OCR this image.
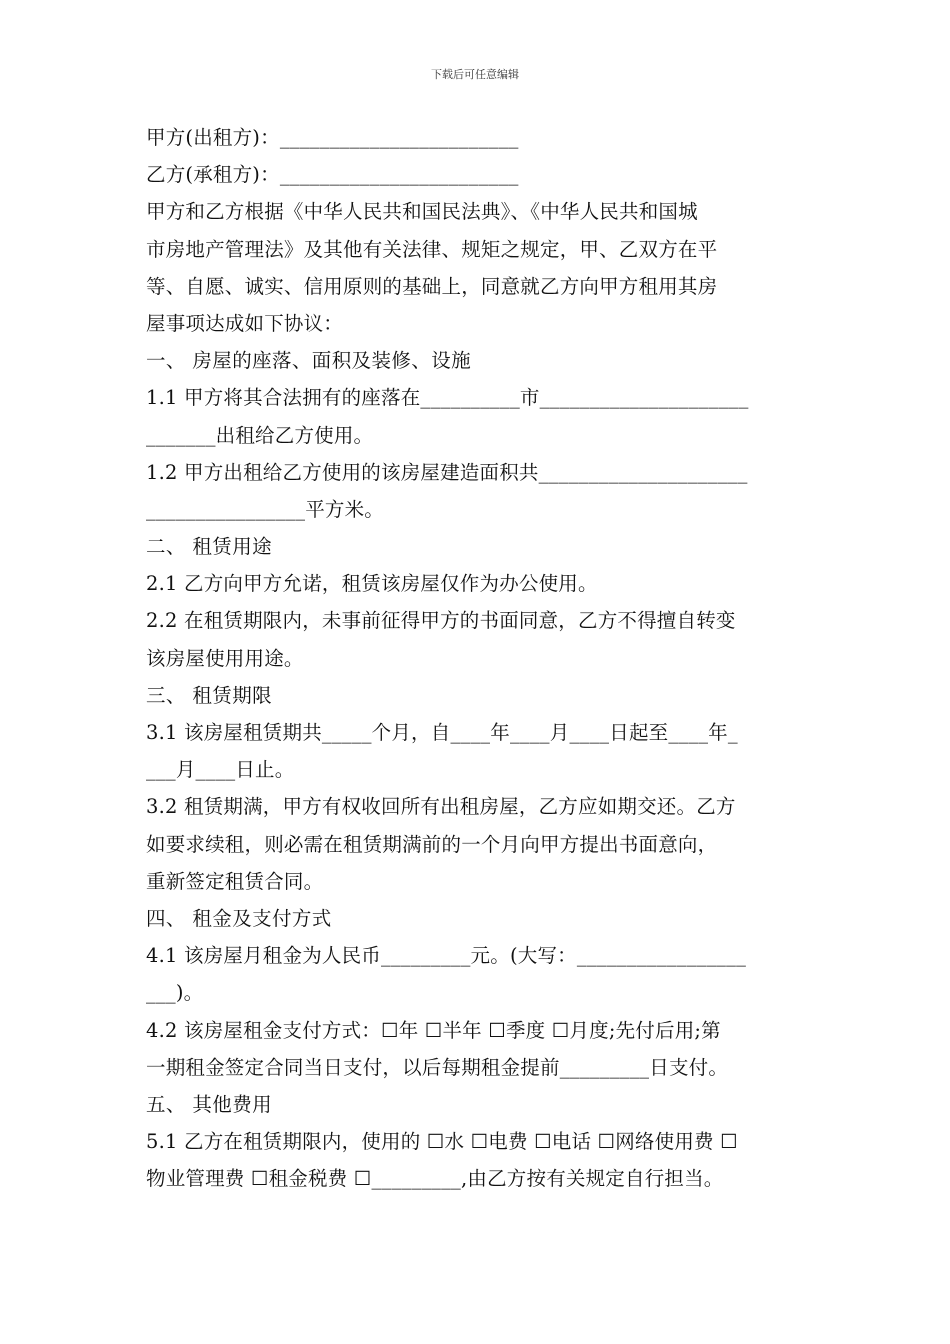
下载后可任意编辑
甲方(出租方)：________________________
乙方(承租方)：________________________
甲方和乙方根据《中华人民共和国民法典》、《中华人民共和国城
市房地产管理法》及其他有关法律、规矩之规定，甲、乙双方在平
等、自愿、诚实、信用原则的基础上，同意就乙方向甲方租用其房
屋事项达成如下协议：
一、 房屋的座落、面积及装修、设施
1.1 甲方将其合法拥有的座落在__________市_____________________
_______出租给乙方使用。
1.2 甲方出租给乙方使用的该房屋建造面积共_____________________
________________平方米。
二、 租赁用途
2.1 乙方向甲方允诺，租赁该房屋仅作为办公使用。
2.2 在租赁期限内，未事前征得甲方的书面同意，乙方不得擅自转变
该房屋使用用途。
三、 租赁期限
3.1 该房屋租赁期共_____个月，自____年____月____日起至____年_
___月____日止。
3.2 租赁期满，甲方有权收回所有出租房屋，乙方应如期交还。乙方
如要求续租，则必需在租赁期满前的一个月向甲方提出书面意向，
重新签定租赁合同。
四、 租金及支付方式
4.1 该房屋月租金为人民币_________元。(大写：_________________
___)。
4.2 该房屋租金支付方式：☐年 ☐半年 ☐季度 ☐月度;先付后用;第
一期租金签定合同当日支付，以后每期租金提前_________日支付。
五、 其他费用
5.1 乙方在租赁期限内，使用的 ☐水 ☐电费 ☐电话 ☐网络使用费 ☐
物业管理费 ☐租金税费 ☐_________,由乙方按有关规定自行担当。
